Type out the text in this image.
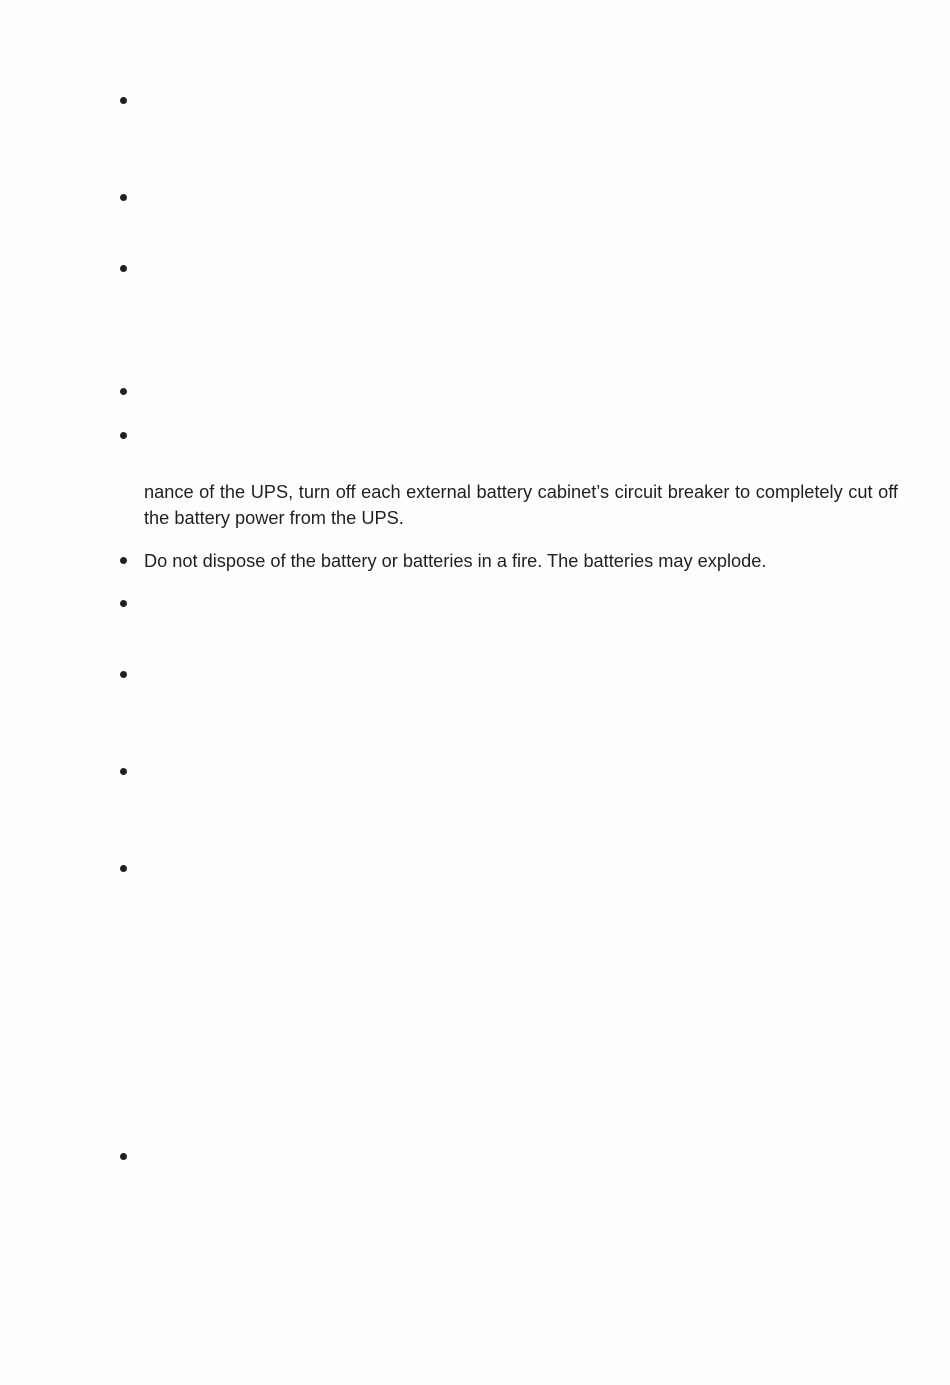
nance of the UPS, turn off each external battery cabinet’s circuit breaker to completely cut off the battery power from the UPS.

Do not dispose of the battery or batteries in a fire. The batteries may explode.
